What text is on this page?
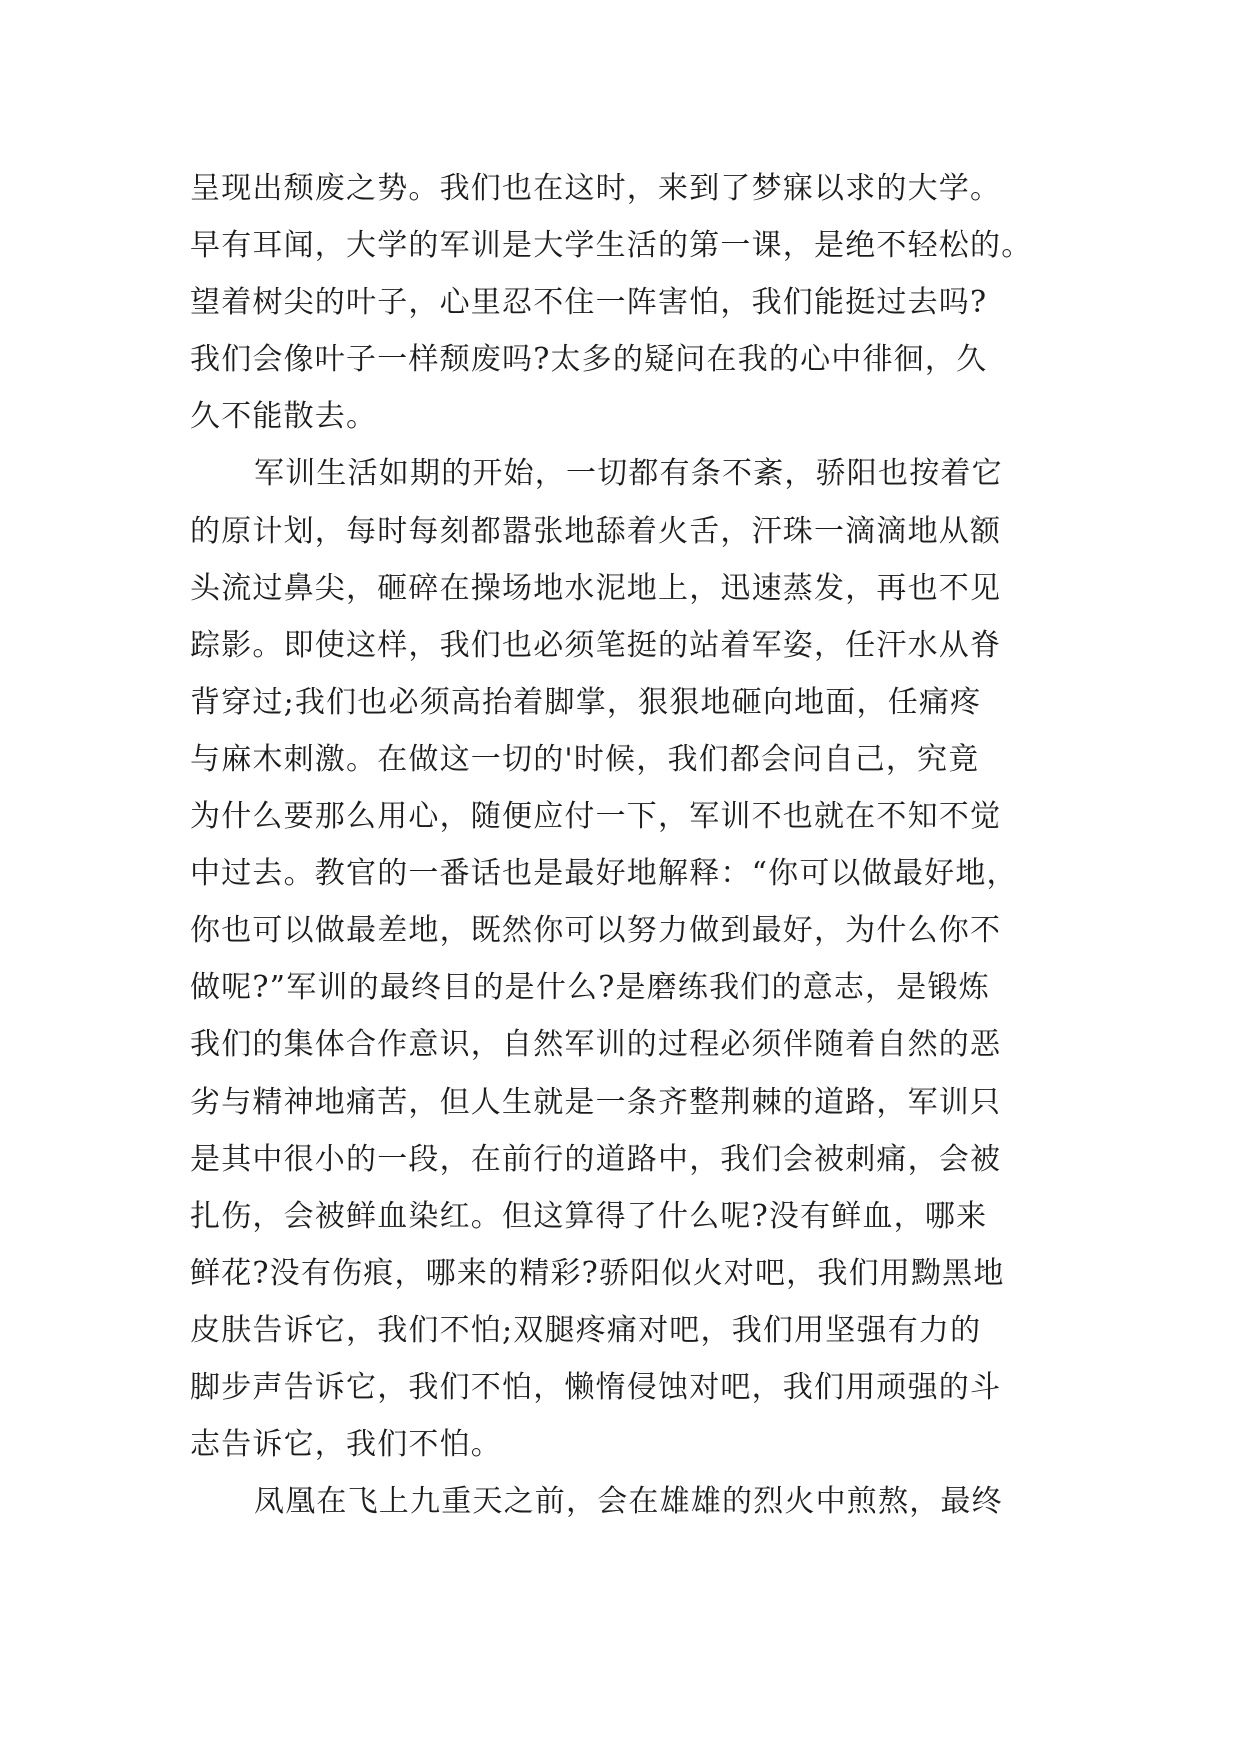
呈现出颓废之势。我们也在这时，来到了梦寐以求的大学。
早有耳闻，大学的军训是大学生活的第一课，是绝不轻松的。
望着树尖的叶子，心里忍不住一阵害怕，我们能挺过去吗?
我们会像叶子一样颓废吗?太多的疑问在我的心中徘徊，久
久不能散去。
军训生活如期的开始，一切都有条不紊，骄阳也按着它
的原计划，每时每刻都嚣张地舔着火舌，汗珠一滴滴地从额
头流过鼻尖，砸碎在操场地水泥地上，迅速蒸发，再也不见
踪影。即使这样，我们也必须笔挺的站着军姿，任汗水从脊
背穿过;我们也必须高抬着脚掌，狠狠地砸向地面，任痛疼
与麻木刺激。在做这一切的'时候，我们都会问自己，究竟
为什么要那么用心，随便应付一下，军训不也就在不知不觉
中过去。教官的一番话也是最好地解释：“你可以做最好地，
你也可以做最差地，既然你可以努力做到最好，为什么你不
做呢?”军训的最终目的是什么?是磨练我们的意志，是锻炼
我们的集体合作意识，自然军训的过程必须伴随着自然的恶
劣与精神地痛苦，但人生就是一条齐整荆棘的道路，军训只
是其中很小的一段，在前行的道路中，我们会被刺痛，会被
扎伤，会被鲜血染红。但这算得了什么呢?没有鲜血，哪来
鲜花?没有伤痕，哪来的精彩?骄阳似火对吧，我们用黝黑地
皮肤告诉它，我们不怕;双腿疼痛对吧，我们用坚强有力的
脚步声告诉它，我们不怕，懒惰侵蚀对吧，我们用顽强的斗
志告诉它，我们不怕。
凤凰在飞上九重天之前，会在雄雄的烈火中煎熬，最终
